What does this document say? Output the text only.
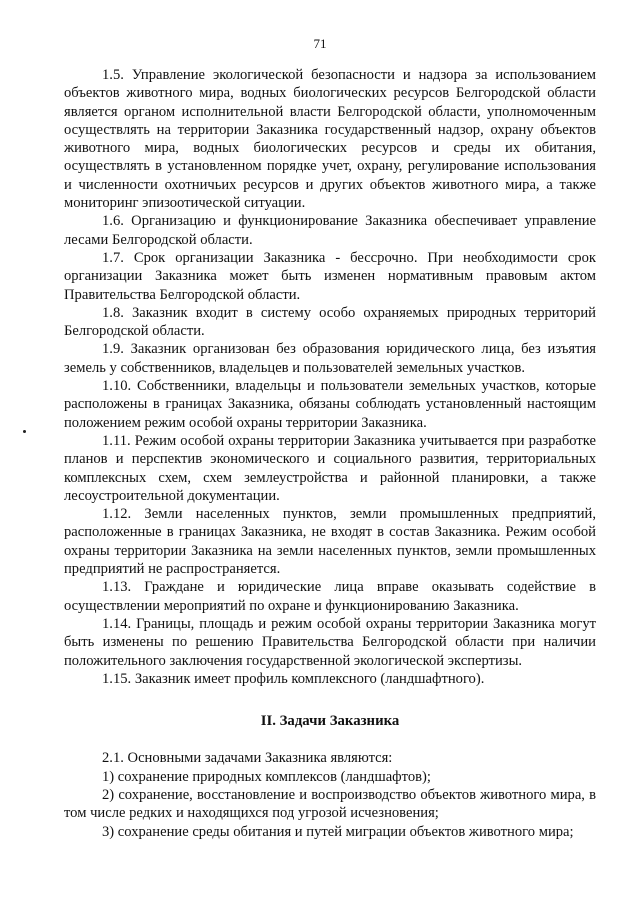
71

1.5. Управление экологической безопасности и надзора за использованием объектов животного мира, водных биологических ресурсов Белгородской области является органом исполнительной власти Белгородской области, уполномоченным осуществлять на территории Заказника государственный надзор, охрану объектов животного мира, водных биологических ресурсов и среды их обитания, осуществлять в установленном порядке учет, охрану, регулирование использования и численности охотничьих ресурсов и других объектов животного мира, а также мониторинг эпизоотической ситуации.

1.6. Организацию и функционирование Заказника обеспечивает управление лесами Белгородской области.

1.7. Срок организации Заказника - бессрочно. При необходимости срок организации Заказника может быть изменен нормативным правовым актом Правительства Белгородской области.

1.8. Заказник входит в систему особо охраняемых природных территорий Белгородской области.

1.9. Заказник организован без образования юридического лица, без изъятия земель у собственников, владельцев и пользователей земельных участков.

1.10. Собственники, владельцы и пользователи земельных участков, которые расположены в границах Заказника, обязаны соблюдать установленный настоящим положением режим особой охраны территории Заказника.

1.11. Режим особой охраны территории Заказника учитывается при разработке планов и перспектив экономического и социального развития, территориальных комплексных схем, схем землеустройства и районной планировки, а также лесоустроительной документации.

1.12. Земли населенных пунктов, земли промышленных предприятий, расположенные в границах Заказника, не входят в состав Заказника. Режим особой охраны территории Заказника на земли населенных пунктов, земли промышленных предприятий не распространяется.

1.13. Граждане и юридические лица вправе оказывать содействие в осуществлении мероприятий по охране и функционированию Заказника.

1.14. Границы, площадь и режим особой охраны территории Заказника могут быть изменены по решению Правительства Белгородской области при наличии положительного заключения государственной экологической экспертизы.

1.15. Заказник имеет профиль комплексного (ландшафтного).

II. Задачи Заказника

2.1. Основными задачами Заказника являются:

1) сохранение природных комплексов (ландшафтов);

2) сохранение, восстановление и воспроизводство объектов животного мира, в том числе редких и находящихся под угрозой исчезновения;

3) сохранение среды обитания и путей миграции объектов животного мира;
